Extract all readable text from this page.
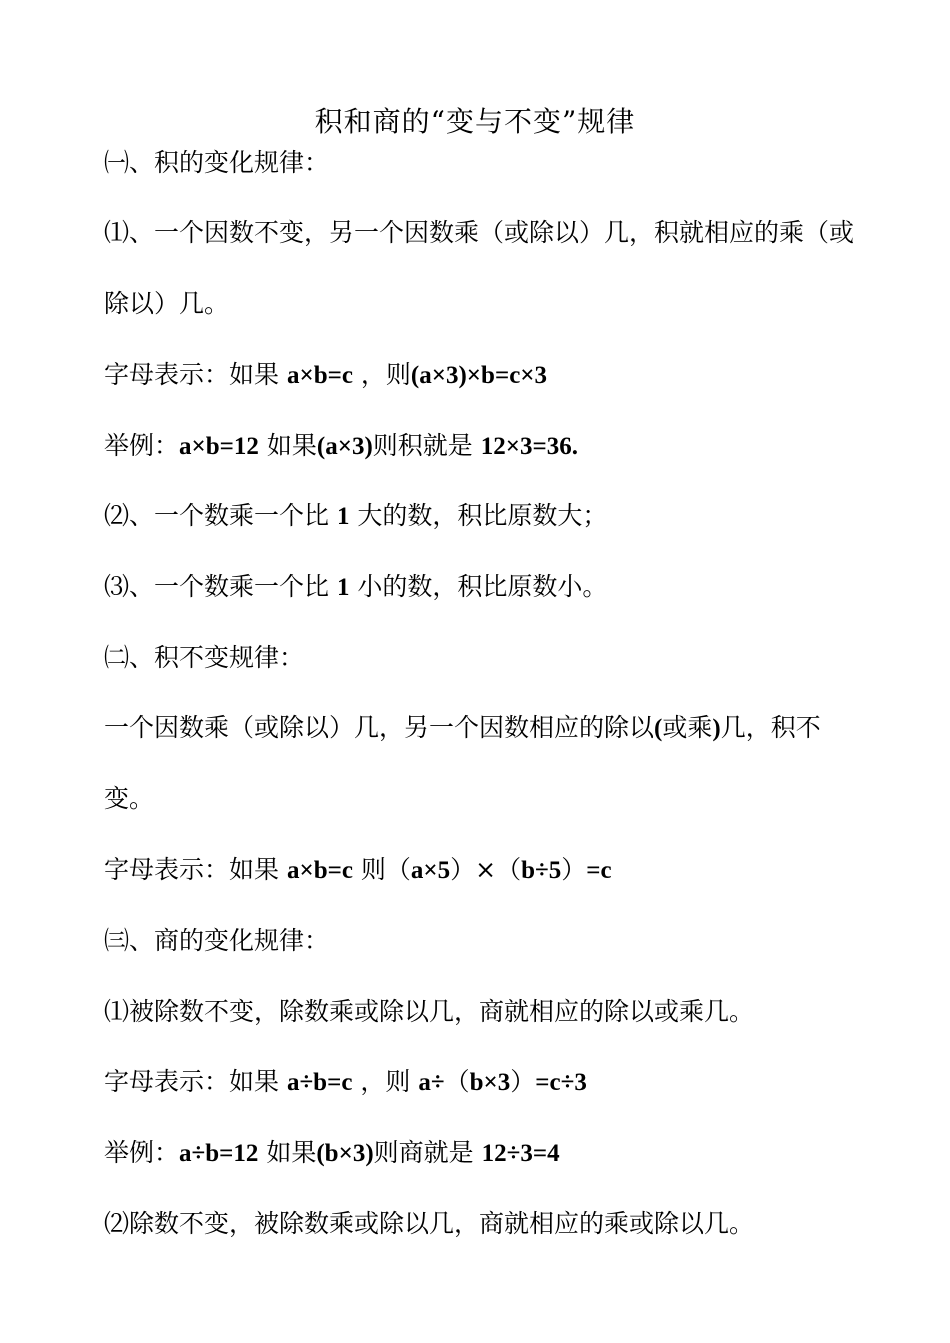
积和商的“变与不变”规律
㈠、积的变化规律：
⑴、一个因数不变，另一个因数乘（或除以）几，积就相应的乘（或
除以）几。
字母表示：如果 a×b=c ，则(a×3)×b=c×3
举例：a×b=12 如果(a×3)则积就是 12×3=36.
⑵、一个数乘一个比 1 大的数，积比原数大；
⑶、一个数乘一个比 1 小的数，积比原数小。
㈡、积不变规律：
一个因数乘（或除以）几，另一个因数相应的除以(或乘)几，积不
变。
字母表示：如果 a×b=c 则（a×5）×（b÷5）=c
㈢、商的变化规律：
⑴被除数不变，除数乘或除以几，商就相应的除以或乘几。
字母表示：如果 a÷b=c ，则 a÷（b×3）=c÷3
举例：a÷b=12 如果(b×3)则商就是 12÷3=4
⑵除数不变，被除数乘或除以几，商就相应的乘或除以几。
